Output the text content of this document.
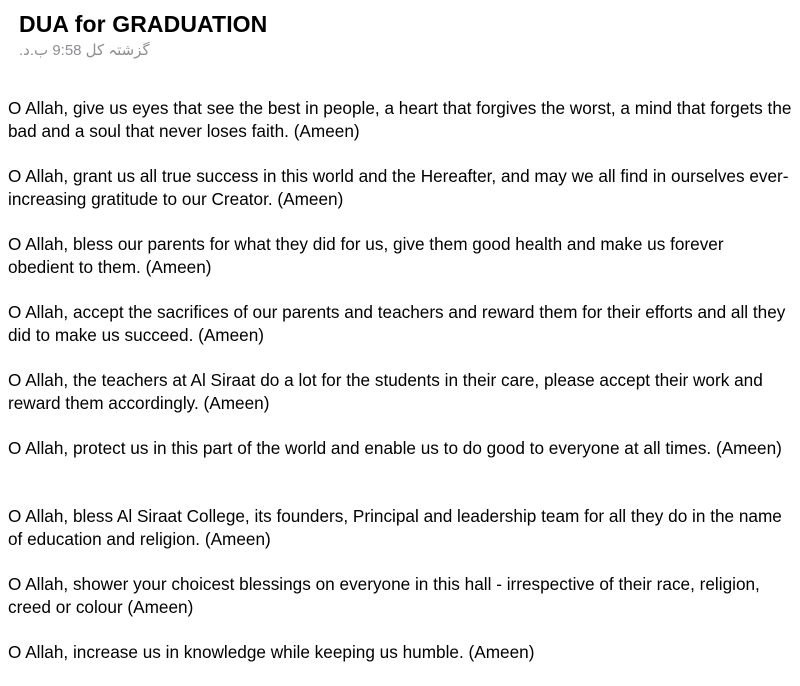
DUA for GRADUATION
گزشتہ کل 9:58 ب.د.
O Allah, give us eyes that see the best in people, a heart that forgives the worst, a mind that forgets the bad and a soul that never loses faith. (Ameen)
O Allah, grant us all true success in this world and the Hereafter, and may we all find in ourselves ever-increasing gratitude to our Creator. (Ameen)
O Allah, bless our parents for what they did for us, give them good health and make us forever obedient to them. (Ameen)
O Allah, accept the sacrifices of our parents and teachers and reward them for their efforts and all they did to make us succeed. (Ameen)
O Allah, the teachers at Al Siraat do a lot for the students in their care, please accept their work and reward them accordingly. (Ameen)
O Allah, protect us in this part of the world and enable us to do good to everyone at all times. (Ameen)
O Allah, bless Al Siraat College, its founders, Principal and leadership team for all they do in the name of education and religion. (Ameen)
O Allah, shower your choicest blessings on everyone in this hall - irrespective of their race, religion, creed or colour (Ameen)
O Allah, increase us in knowledge while keeping us humble. (Ameen)
